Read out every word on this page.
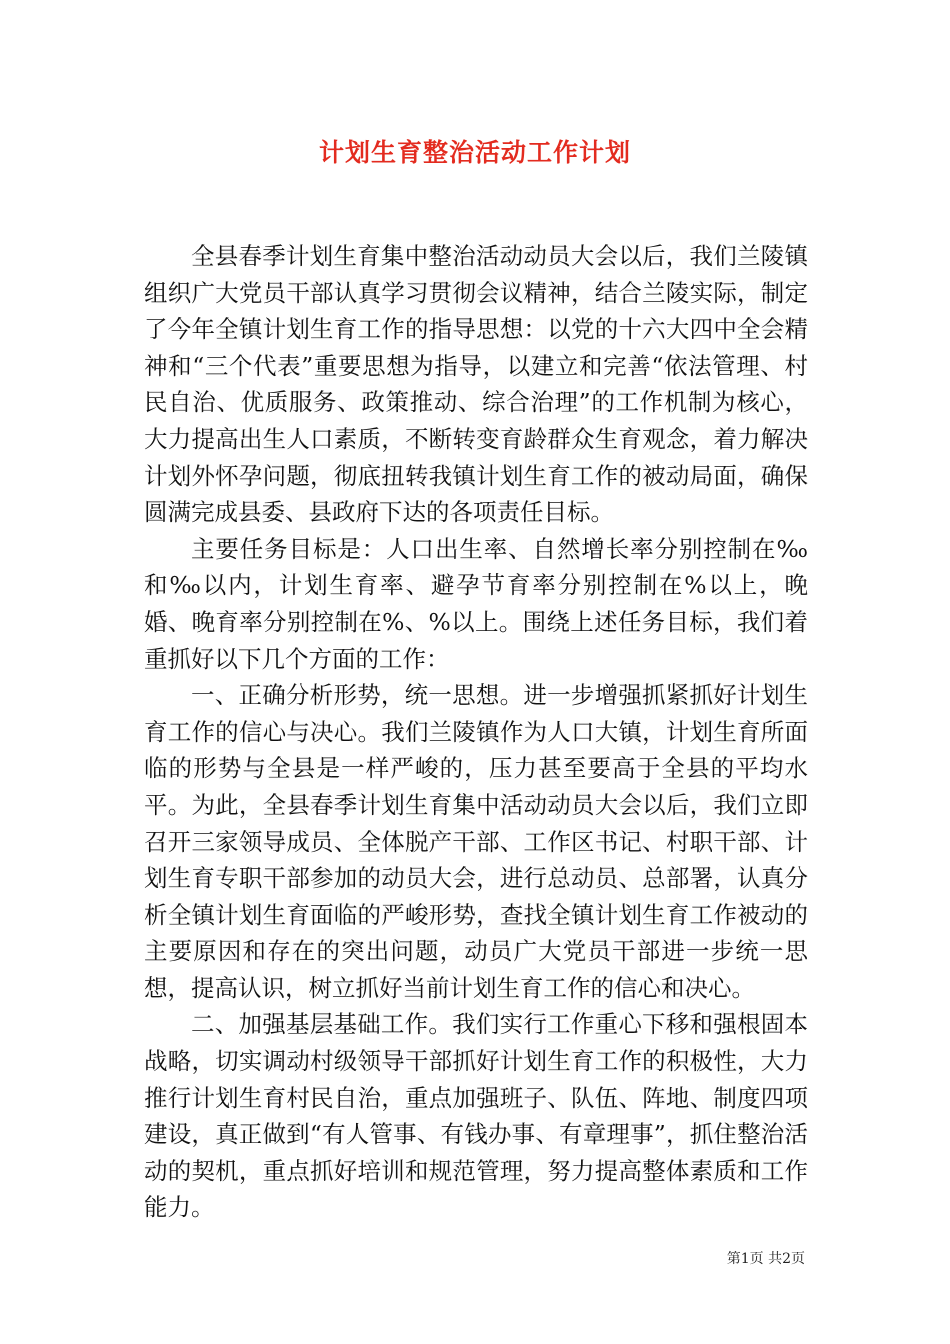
计划生育整治活动工作计划

全县春季计划生育集中整治活动动员大会以后，我们兰陵镇组织广大党员干部认真学习贯彻会议精神，结合兰陵实际，制定了今年全镇计划生育工作的指导思想：以党的十六大四中全会精神和“三个代表”重要思想为指导，以建立和完善“依法管理、村民自治、优质服务、政策推动、综合治理”的工作机制为核心，大力提高出生人口素质，不断转变育龄群众生育观念，着力解决计划外怀孕问题，彻底扭转我镇计划生育工作的被动局面，确保圆满完成县委、县政府下达的各项责任目标。

主要任务目标是：人口出生率、自然增长率分别控制在‰和‰以内，计划生育率、避孕节育率分别控制在%以上，晚婚、晚育率分别控制在%、%以上。围绕上述任务目标，我们着重抓好以下几个方面的工作：

一、正确分析形势，统一思想。进一步增强抓紧抓好计划生育工作的信心与决心。我们兰陵镇作为人口大镇，计划生育所面临的形势与全县是一样严峻的，压力甚至要高于全县的平均水平。为此，全县春季计划生育集中活动动员大会以后，我们立即召开三家领导成员、全体脱产干部、工作区书记、村职干部、计划生育专职干部参加的动员大会，进行总动员、总部署，认真分析全镇计划生育面临的严峻形势，查找全镇计划生育工作被动的主要原因和存在的突出问题，动员广大党员干部进一步统一思想，提高认识，树立抓好当前计划生育工作的信心和决心。

二、加强基层基础工作。我们实行工作重心下移和强根固本战略，切实调动村级领导干部抓好计划生育工作的积极性，大力推行计划生育村民自治，重点加强班子、队伍、阵地、制度四项建设，真正做到“有人管事、有钱办事、有章理事”，抓住整治活动的契机，重点抓好培训和规范管理，努力提高整体素质和工作能力。

第1页 共2页
